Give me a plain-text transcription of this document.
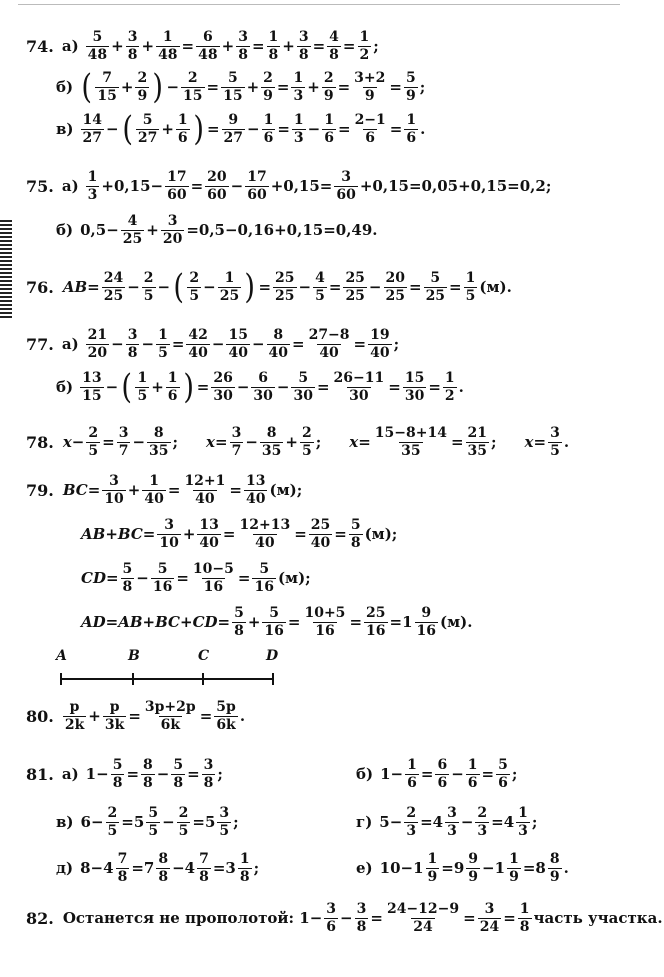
74. $а) \frac{5}{48} + \frac{3}{8} + \frac{1}{48} = \frac{6}{48} + \frac{3}{8} = \frac{1}{8} + \frac{3}{8} = \frac{4}{8} = \frac{1}{2}$ ;
б) ( $\frac{7}{15} + \frac{2}{9}$ ) − $\frac{2}{15} = \frac{5}{15} + \frac{2}{9} = \frac{1}{3} + \frac{2}{9} = \frac{3+2}{9} = \frac{5}{9}$ ;
$в) \frac{14}{27}$ − ( $\frac{5}{27} + \frac{1}{6}$ ) = $\frac{9}{27} - \frac{1}{6} = \frac{1}{3} - \frac{1}{6} = \frac{2-1}{6} = \frac{1}{6}$ .
75. $а) \frac{1}{3} +0,15- \frac{17}{60} = \frac{20}{60} - \frac{17}{60} +0,15= \frac{3}{60} +0,15=0,05+0,15=0,2$;
б) $0,5- \frac{4}{25} + \frac{3}{20} =0,5-0,16+0,15=0,49$.
76. $AB= \frac{24}{25} - \frac{2}{5}$ − ( $\frac{2}{5} - \frac{1}{25}$ ) = $\frac{25}{25} - \frac{4}{5} = \frac{25}{25} - \frac{20}{25} = \frac{5}{25} = \frac{1}{5} (м)$.
77. $а) \frac{21}{20} - \frac{3}{8} - \frac{1}{5} = \frac{42}{40} - \frac{15}{40} - \frac{8}{40} = \frac{27-8}{40} = \frac{19}{40}$ ;
$б) \frac{13}{15}$ − ( $\frac{1}{5} + \frac{1}{6}$ ) = $\frac{26}{30} - \frac{6}{30} - \frac{5}{30} = \frac{26-11}{30} = \frac{15}{30} = \frac{1}{2}$ .
78. $x- \frac{2}{5} = \frac{3}{7} - \frac{8}{35}$ ; $x= \frac{3}{7} - \frac{8}{35} + \frac{2}{5}$ ; $x= \frac{15-8+14}{35} = \frac{21}{35}$ ; $x= \frac{3}{5}$ .
79. $BC= \frac{3}{10} + \frac{1}{40} = \frac{12+1}{40} = \frac{13}{40} (м)$;
$AB+BC= \frac{3}{10} + \frac{13}{40} = \frac{12+13}{40} = \frac{25}{40} = \frac{5}{8} (м)$;
$CD= \frac{5}{8} - \frac{5}{16} = \frac{10-5}{16} = \frac{5}{16} (м)$;
$AD=AB+BC+CD= \frac{5}{8} + \frac{5}{16} = \frac{10+5}{16} = \frac{25}{16} =1 \frac{9}{16} (м)$.
80. $\frac{p}{2k} + \frac{p}{3k} = \frac{3p+2p}{6k} = \frac{5p}{6k}$ .
81. а) $1- \frac{5}{8} = \frac{8}{8} - \frac{5}{8} = \frac{3}{8}$ ;	б) $1- \frac{1}{6} = \frac{6}{6} - \frac{1}{6} = \frac{5}{6}$ ;
в) $6- \frac{2}{5} =5 \frac{5}{5} - \frac{2}{5} =5 \frac{3}{5}$ ;	г) $5- \frac{2}{3} =4 \frac{3}{3} - \frac{2}{3} =4 \frac{1}{3}$ ;
д) $8-4 \frac{7}{8} =7 \frac{8}{8} -4 \frac{7}{8} =3 \frac{1}{8}$ ;	е) $10-1 \frac{1}{9} =9 \frac{9}{9} -1 \frac{1}{9} =8 \frac{8}{9}$ .
82. Останется не прополотой: $1- \frac{3}{6} - \frac{3}{8} = \frac{24-12-9}{24} = \frac{3}{24} = \frac{1}{8}$ часть участка.
A	B	C	D
